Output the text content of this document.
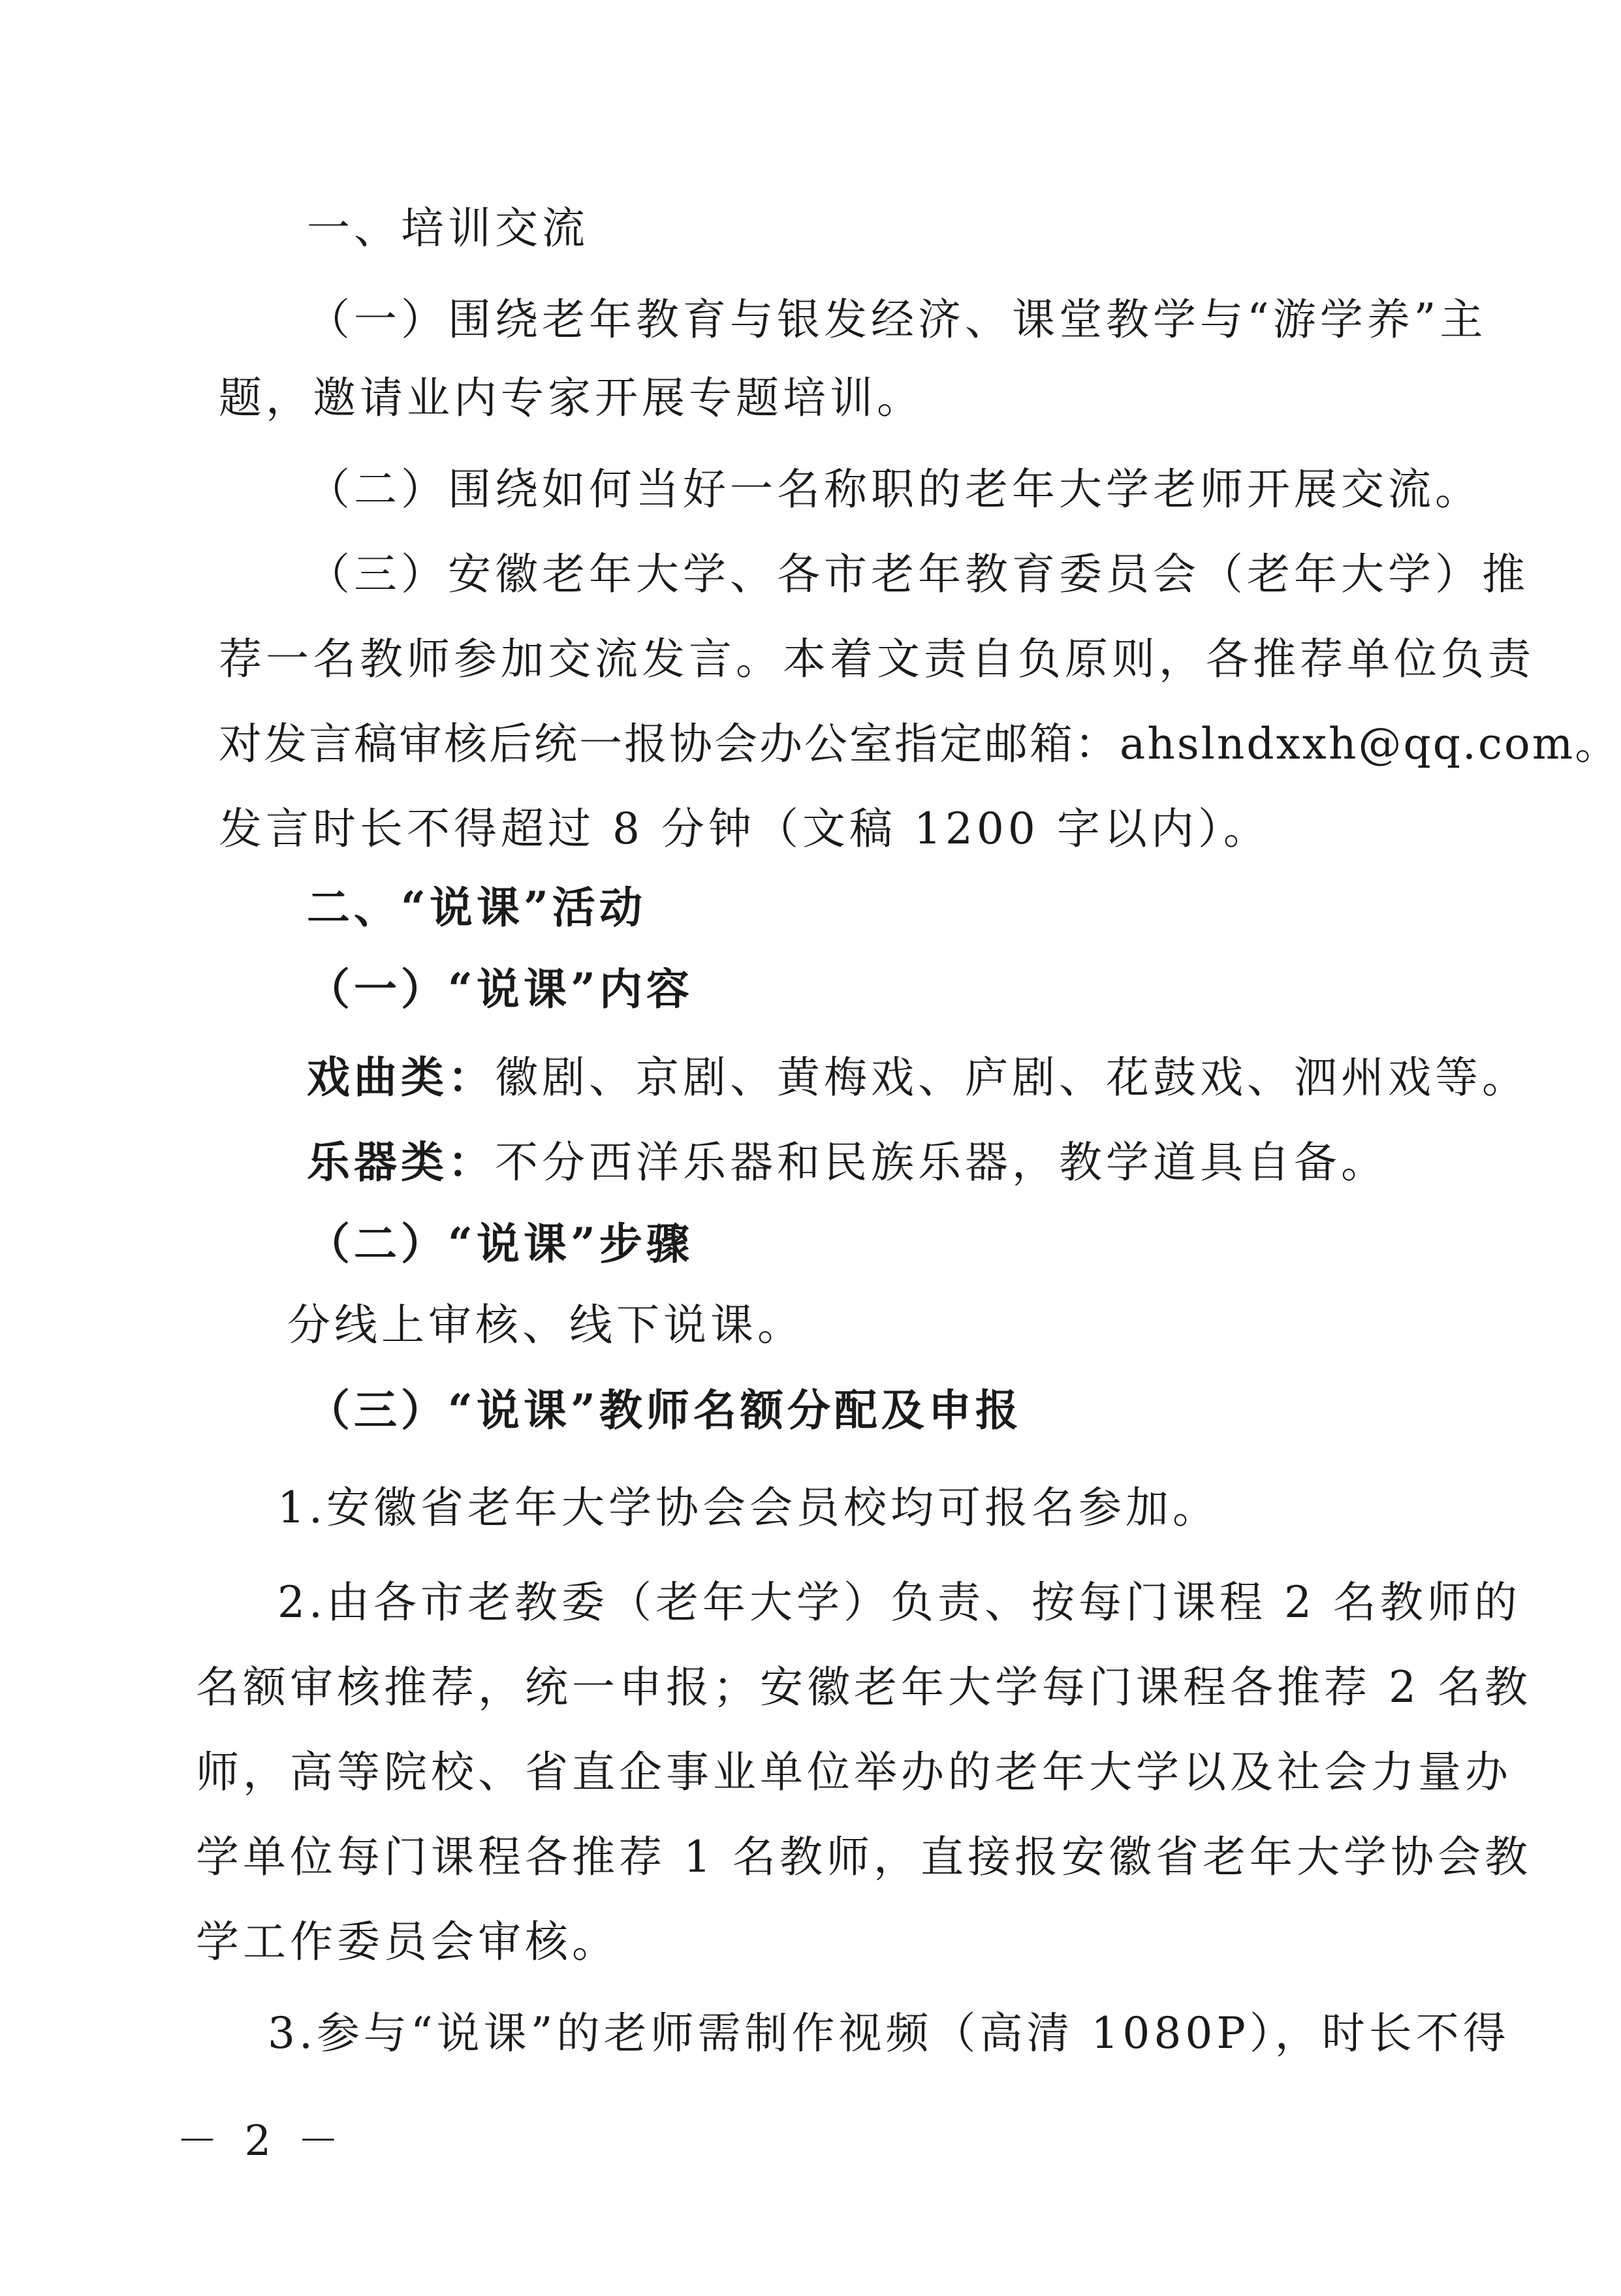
一、培训交流
（一）围绕老年教育与银发经济、课堂教学与“游学养”主
题，邀请业内专家开展专题培训。
（二）围绕如何当好一名称职的老年大学老师开展交流。
（三）安徽老年大学、各市老年教育委员会（老年大学）推
荐一名教师参加交流发言。本着文责自负原则，各推荐单位负责
对发言稿审核后统一报协会办公室指定邮箱：ahslndxxh@qq.com。
发言时长不得超过 8 分钟（文稿 1200 字以内）。
二、“说课”活动
（一）“说课”内容
戏曲类：徽剧、京剧、黄梅戏、庐剧、花鼓戏、泗州戏等。
乐器类：不分西洋乐器和民族乐器，教学道具自备。
（二）“说课”步骤
分线上审核、线下说课。
（三）“说课”教师名额分配及申报
1.安徽省老年大学协会会员校均可报名参加。
2.由各市老教委（老年大学）负责、按每门课程 2 名教师的
名额审核推荐，统一申报；安徽老年大学每门课程各推荐 2 名教
师，高等院校、省直企事业单位举办的老年大学以及社会力量办
学单位每门课程各推荐 1 名教师，直接报安徽省老年大学协会教
学工作委员会审核。
3.参与“说课”的老师需制作视频（高清 1080P），时长不得
－ 2 －
